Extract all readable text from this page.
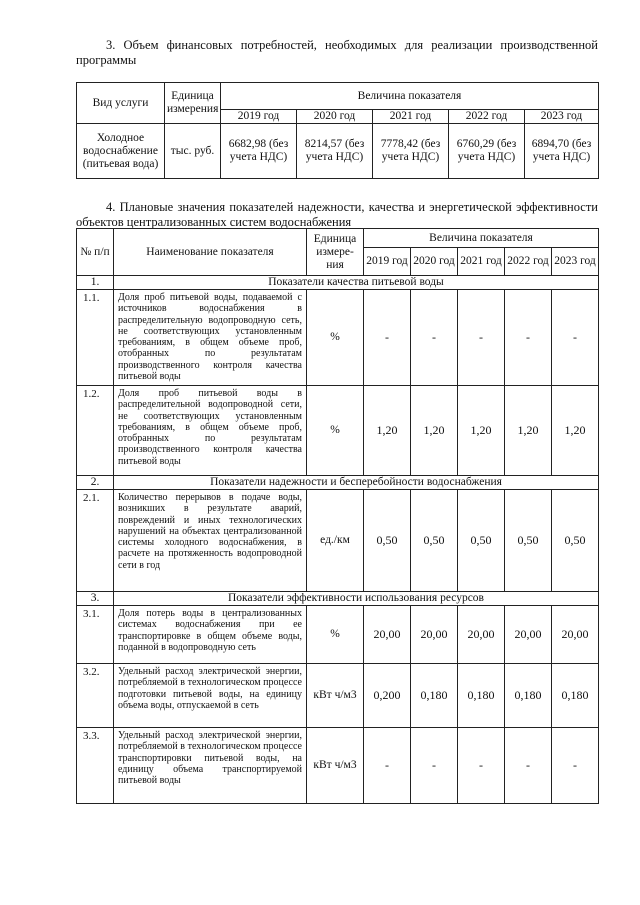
3. Объем финансовых потребностей, необходимых для реализации производственной программы
Вид услуги	Единица измерения	Величина показателя				
		2019 год	2020 год	2021 год	2022 год	2023 год
Холодное водоснабжение (питьевая вода)	тыс. руб.	6682,98 (без учета НДС)	8214,57 (без учета НДС)	7778,42 (без учета НДС)	6760,29 (без учета НДС)	6894,70 (без учета НДС)
4. Плановые значения показателей надежности, качества и энергетической эффективности объектов централизованных систем водоснабжения
№ п/п	Наименование показателя	Единица измере-ния	Величина показателя				
			2019 год	2020 год	2021 год	2022 год	2023 год
1.	Показатели качества питьевой воды						
1.1.	Доля проб питьевой воды, подаваемой с источников водоснабжения в распределительную водопроводную сеть, не соответствующих установленным требованиям, в общем объеме проб, отобранных по результатам производственного контроля качества питьевой воды	%	-	-	-	-	-
1.2.	Доля проб питьевой воды в распределительной водопроводной сети, не соответствующих установленным требованиям, в общем объеме проб, отобранных по результатам производственного контроля качества питьевой воды	%	1,20	1,20	1,20	1,20	1,20
2.	Показатели надежности и бесперебойности водоснабжения						
2.1.	Количество перерывов в подаче воды, возникших в результате аварий, повреждений и иных технологических нарушений на объектах централизованной системы холодного водоснабжения, в расчете на протяженность водопроводной сети в год	ед./км	0,50	0,50	0,50	0,50	0,50
3.	Показатели эффективности использования ресурсов						
3.1.	Доля потерь воды в централизованных системах водоснабжения при ее транспортировке в общем объеме воды, поданной в водопроводную сеть	%	20,00	20,00	20,00	20,00	20,00
3.2.	Удельный расход электрической энергии, потребляемой в технологическом процессе подготовки питьевой воды, на единицу объема воды, отпускаемой в сеть	кВт ч/м3	0,200	0,180	0,180	0,180	0,180
3.3.	Удельный расход электрической энергии, потребляемой в технологическом процессе транспортировки питьевой воды, на единицу объема транспортируемой питьевой воды	кВт ч/м3	-	-	-	-	-
